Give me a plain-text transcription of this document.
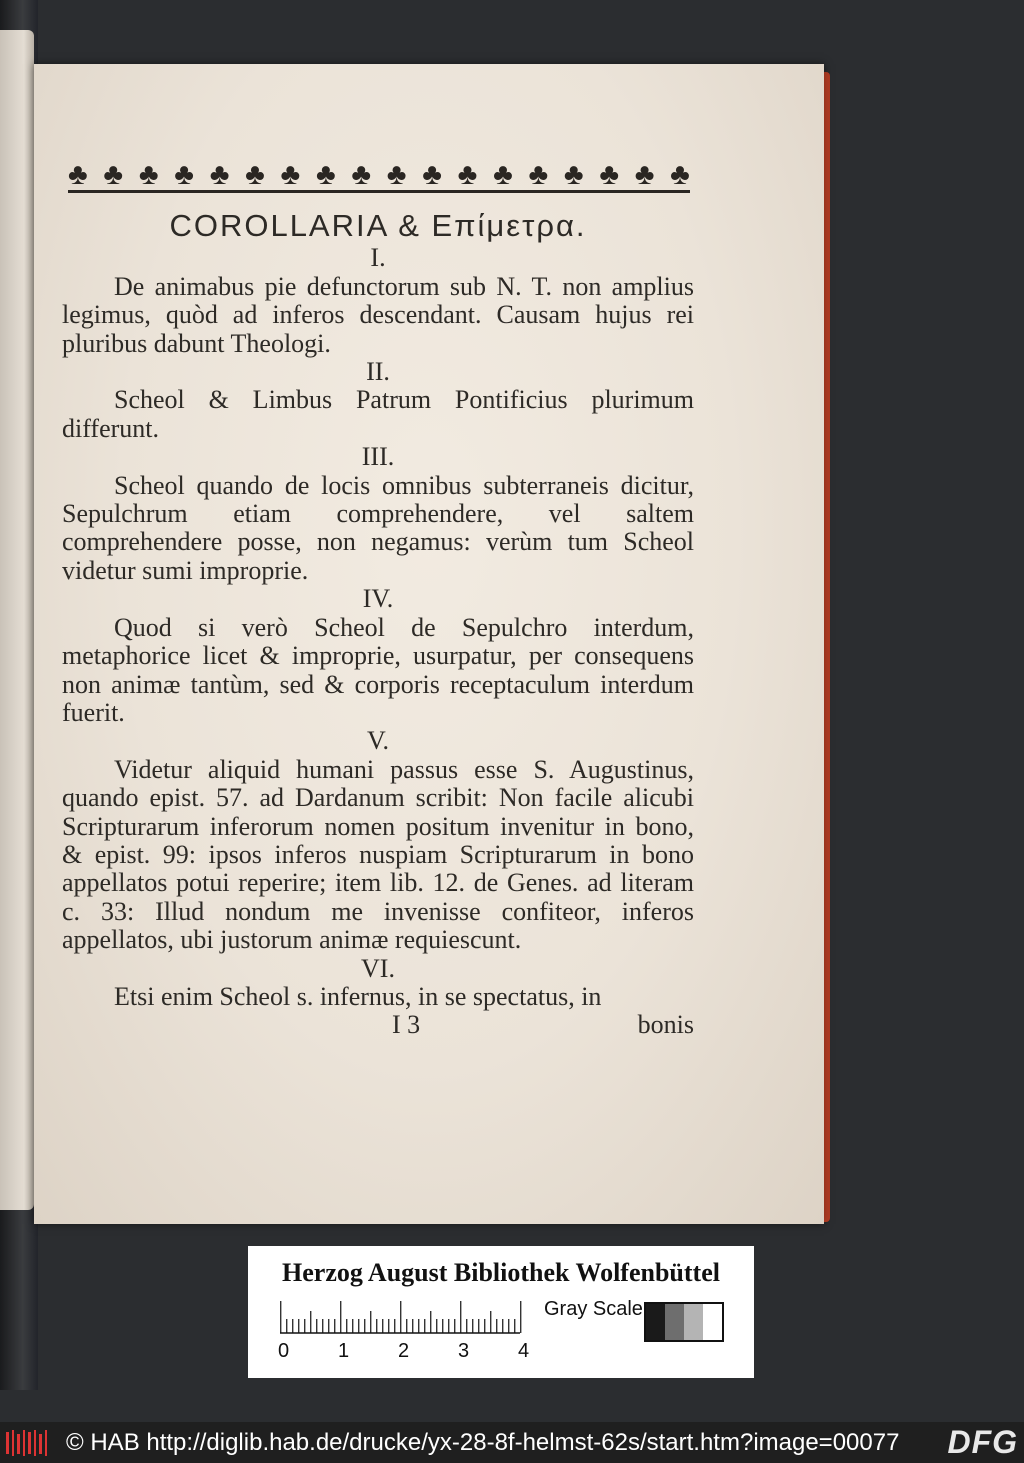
♣ ♣ ♣ ♣ ♣ ♣ ♣ ♣ ♣ ♣ ♣ ♣ ♣ ♣ ♣ ♣ ♣ ♣
COROLLARIA & Επίμετρα.
I.

De animabus pie defunctorum sub N. T. non amplius legimus, quòd ad inferos descendant. Causam hujus rei pluribus dabunt Theologi.

II.

Scheol & Limbus Patrum Pontificius plurimum differunt.

III.

Scheol quando de locis omnibus subterraneis dicitur, Sepulchrum etiam comprehendere, vel saltem comprehendere posse, non negamus: verùm tum Scheol videtur sumi improprie.

IV.

Quod si verò Scheol de Sepulchro interdum, metaphorice licet & improprie, usurpatur, per consequens non animæ tantùm, sed & corporis receptaculum interdum fuerit.

V.

Videtur aliquid humani passus esse S. Augustinus, quando epist. 57. ad Dardanum scribit: Non facile alicubi Scripturarum inferorum nomen positum invenitur in bono, & epist. 99: ipsos inferos nuspiam Scripturarum in bono appellatos potui reperire; item lib. 12. de Genes. ad literam c. 33: Illud nondum me invenisse confiteor, inferos appellatos, ubi justorum animæ requiescunt.

VI.

Etsi enim Scheol s. infernus, in se spectatus, in

I 3	bonis
Herzog August Bibliothek Wolfenbüttel
0 1 2 3 4
Gray Scale
© HAB http://diglib.hab.de/drucke/yx-28-8f-helmst-62s/start.htm?image=00077 DFG
